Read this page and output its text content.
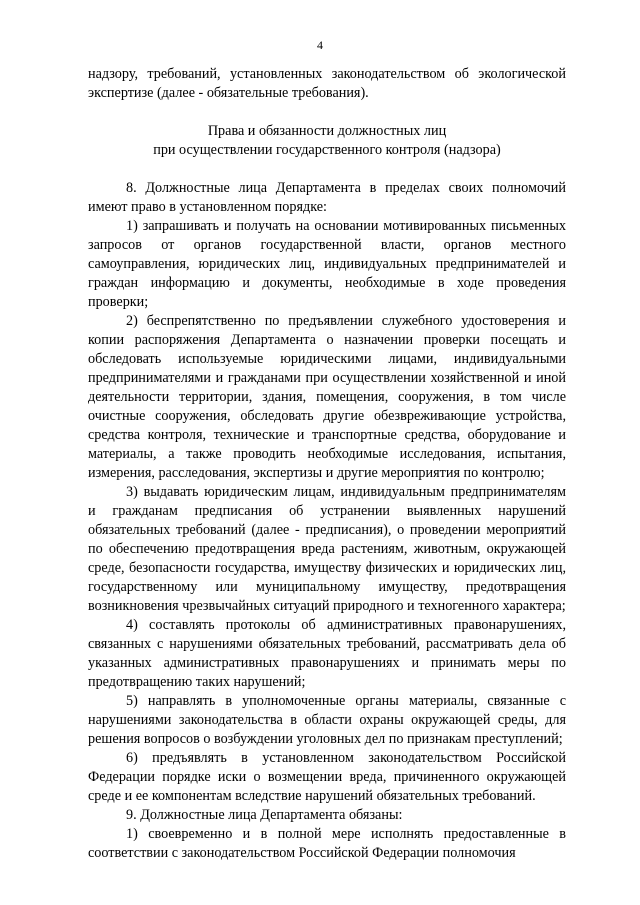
4

надзору, требований, установленных законодательством об экологической экспертизе (далее - обязательные требования).

Права и обязанности должностных лиц

при осуществлении государственного контроля (надзора)

8. Должностные лица Департамента в пределах своих полномочий имеют право в установленном порядке:

1) запрашивать и получать на основании мотивированных письменных запросов от органов государственной власти, органов местного самоуправления, юридических лиц, индивидуальных предпринимателей и граждан информацию и документы, необходимые в ходе проведения проверки;

2) беспрепятственно по предъявлении служебного удостоверения и копии распоряжения Департамента о назначении проверки посещать и обследовать используемые юридическими лицами, индивидуальными предпринимателями и гражданами при осуществлении хозяйственной и иной деятельности территории, здания, помещения, сооружения, в том числе очистные сооружения, обследовать другие обезвреживающие устройства, средства контроля, технические и транспортные средства, оборудование и материалы, а также проводить необходимые исследования, испытания, измерения, расследования, экспертизы и другие мероприятия по контролю;

3) выдавать юридическим лицам, индивидуальным предпринимателям и гражданам предписания об устранении выявленных нарушений обязательных требований (далее - предписания), о проведении мероприятий по обеспечению предотвращения вреда растениям, животным, окружающей среде, безопасности государства, имуществу физических и юридических лиц, государственному или муниципальному имуществу, предотвращения возникновения чрезвычайных ситуаций природного и техногенного характера;

4) составлять протоколы об административных правонарушениях, связанных с нарушениями обязательных требований, рассматривать дела об указанных административных правонарушениях и принимать меры по предотвращению таких нарушений;

5) направлять в уполномоченные органы материалы, связанные с нарушениями законодательства в области охраны окружающей среды, для решения вопросов о возбуждении уголовных дел по признакам преступлений;

6) предъявлять в установленном законодательством Российской Федерации порядке иски о возмещении вреда, причиненного окружающей среде и ее компонентам вследствие нарушений обязательных требований.

9. Должностные лица Департамента обязаны:

1) своевременно и в полной мере исполнять предоставленные в соответствии с законодательством Российской Федерации полномочия
